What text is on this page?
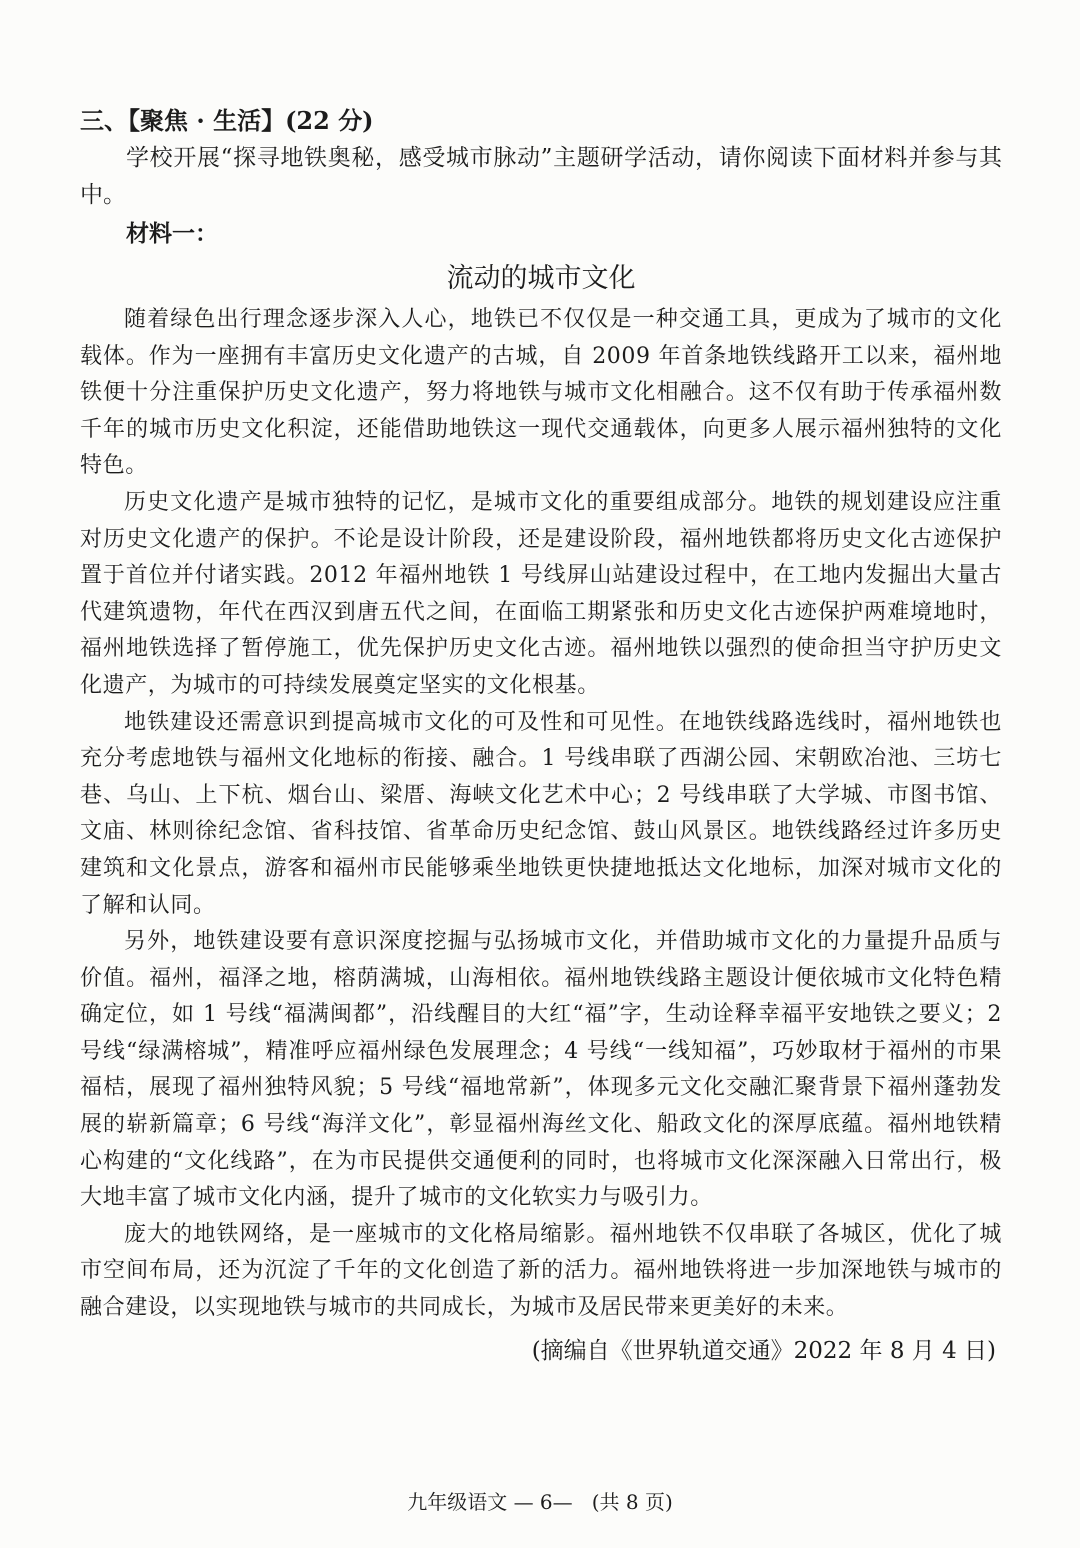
三、【聚焦 · 生活】(22 分)

学校开展“探寻地铁奥秘，感受城市脉动”主题研学活动，请你阅读下面材料并参与其中。

材料一：

流动的城市文化

随着绿色出行理念逐步深入人心，地铁已不仅仅是一种交通工具，更成为了城市的文化载体。作为一座拥有丰富历史文化遗产的古城，自 2009 年首条地铁线路开工以来，福州地铁便十分注重保护历史文化遗产，努力将地铁与城市文化相融合。这不仅有助于传承福州数千年的城市历史文化积淀，还能借助地铁这一现代交通载体，向更多人展示福州独特的文化特色。

历史文化遗产是城市独特的记忆，是城市文化的重要组成部分。地铁的规划建设应注重对历史文化遗产的保护。不论是设计阶段，还是建设阶段，福州地铁都将历史文化古迹保护置于首位并付诸实践。2012 年福州地铁 1 号线屏山站建设过程中，在工地内发掘出大量古代建筑遗物，年代在西汉到唐五代之间，在面临工期紧张和历史文化古迹保护两难境地时，福州地铁选择了暂停施工，优先保护历史文化古迹。福州地铁以强烈的使命担当守护历史文化遗产，为城市的可持续发展奠定坚实的文化根基。

地铁建设还需意识到提高城市文化的可及性和可见性。在地铁线路选线时，福州地铁也充分考虑地铁与福州文化地标的衔接、融合。1 号线串联了西湖公园、宋朝欧冶池、三坊七巷、乌山、上下杭、烟台山、梁厝、海峡文化艺术中心；2 号线串联了大学城、市图书馆、文庙、林则徐纪念馆、省科技馆、省革命历史纪念馆、鼓山风景区。地铁线路经过许多历史建筑和文化景点，游客和福州市民能够乘坐地铁更快捷地抵达文化地标，加深对城市文化的了解和认同。

另外，地铁建设要有意识深度挖掘与弘扬城市文化，并借助城市文化的力量提升品质与价值。福州，福泽之地，榕荫满城，山海相依。福州地铁线路主题设计便依城市文化特色精确定位，如 1 号线“福满闽都”，沿线醒目的大红“福”字，生动诠释幸福平安地铁之要义；2 号线“绿满榕城”，精准呼应福州绿色发展理念；4 号线“一线知福”，巧妙取材于福州的市果福桔，展现了福州独特风貌；5 号线“福地常新”，体现多元文化交融汇聚背景下福州蓬勃发展的崭新篇章；6 号线“海洋文化”，彰显福州海丝文化、船政文化的深厚底蕴。福州地铁精心构建的“文化线路”，在为市民提供交通便利的同时，也将城市文化深深融入日常出行，极大地丰富了城市文化内涵，提升了城市的文化软实力与吸引力。

庞大的地铁网络，是一座城市的文化格局缩影。福州地铁不仅串联了各城区，优化了城市空间布局，还为沉淀了千年的文化创造了新的活力。福州地铁将进一步加深地铁与城市的融合建设，以实现地铁与城市的共同成长，为城市及居民带来更美好的未来。

(摘编自《世界轨道交通》2022 年 8 月 4 日)

九年级语文 — 6— (共 8 页)
